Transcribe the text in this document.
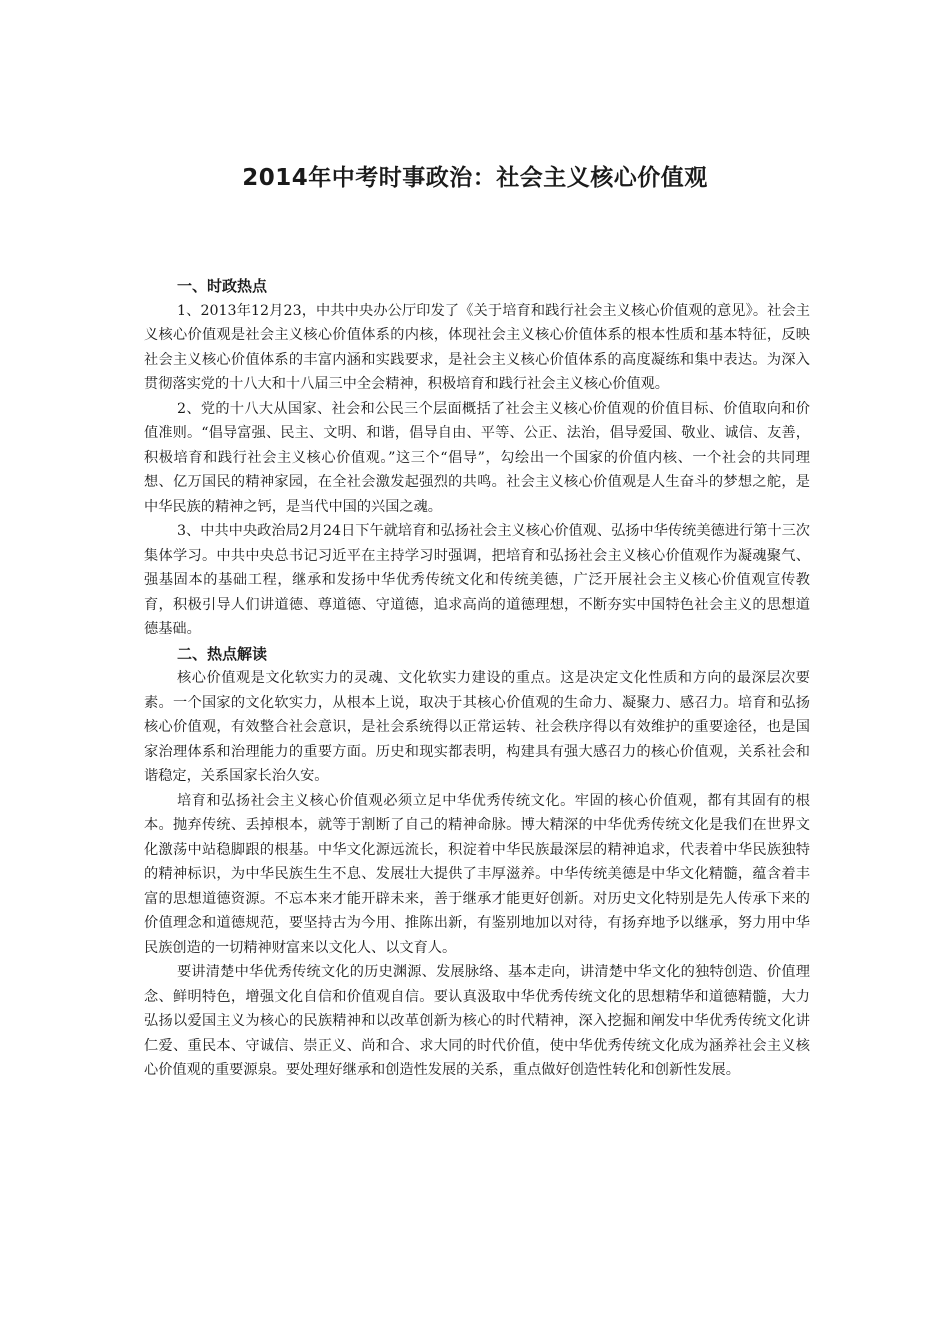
2014年中考时事政治：社会主义核心价值观

一、时政热点

1、2013年12月23，中共中央办公厅印发了《关于培育和践行社会主义核心价值观的意见》。社会主义核心价值观是社会主义核心价值体系的内核，体现社会主义核心价值体系的根本性质和基本特征，反映社会主义核心价值体系的丰富内涵和实践要求，是社会主义核心价值体系的高度凝练和集中表达。为深入贯彻落实党的十八大和十八届三中全会精神，积极培育和践行社会主义核心价值观。

2、党的十八大从国家、社会和公民三个层面概括了社会主义核心价值观的价值目标、价值取向和价值准则。“倡导富强、民主、文明、和谐，倡导自由、平等、公正、法治，倡导爱国、敬业、诚信、友善，积极培育和践行社会主义核心价值观。”这三个“倡导”，勾绘出一个国家的价值内核、一个社会的共同理想、亿万国民的精神家园，在全社会激发起强烈的共鸣。社会主义核心价值观是人生奋斗的梦想之舵，是中华民族的精神之钙，是当代中国的兴国之魂。

3、中共中央政治局2月24日下午就培育和弘扬社会主义核心价值观、弘扬中华传统美德进行第十三次集体学习。中共中央总书记习近平在主持学习时强调，把培育和弘扬社会主义核心价值观作为凝魂聚气、强基固本的基础工程，继承和发扬中华优秀传统文化和传统美德，广泛开展社会主义核心价值观宣传教育，积极引导人们讲道德、尊道德、守道德，追求高尚的道德理想，不断夯实中国特色社会主义的思想道德基础。

二、热点解读

核心价值观是文化软实力的灵魂、文化软实力建设的重点。这是决定文化性质和方向的最深层次要素。一个国家的文化软实力，从根本上说，取决于其核心价值观的生命力、凝聚力、感召力。培育和弘扬核心价值观，有效整合社会意识，是社会系统得以正常运转、社会秩序得以有效维护的重要途径，也是国家治理体系和治理能力的重要方面。历史和现实都表明，构建具有强大感召力的核心价值观，关系社会和谐稳定，关系国家长治久安。

培育和弘扬社会主义核心价值观必须立足中华优秀传统文化。牢固的核心价值观，都有其固有的根本。抛弃传统、丢掉根本，就等于割断了自己的精神命脉。博大精深的中华优秀传统文化是我们在世界文化激荡中站稳脚跟的根基。中华文化源远流长，积淀着中华民族最深层的精神追求，代表着中华民族独特的精神标识，为中华民族生生不息、发展壮大提供了丰厚滋养。中华传统美德是中华文化精髓，蕴含着丰富的思想道德资源。不忘本来才能开辟未来，善于继承才能更好创新。对历史文化特别是先人传承下来的价值理念和道德规范，要坚持古为今用、推陈出新，有鉴别地加以对待，有扬弃地予以继承，努力用中华民族创造的一切精神财富来以文化人、以文育人。

要讲清楚中华优秀传统文化的历史渊源、发展脉络、基本走向，讲清楚中华文化的独特创造、价值理念、鲜明特色，增强文化自信和价值观自信。要认真汲取中华优秀传统文化的思想精华和道德精髓，大力弘扬以爱国主义为核心的民族精神和以改革创新为核心的时代精神，深入挖掘和阐发中华优秀传统文化讲仁爱、重民本、守诚信、崇正义、尚和合、求大同的时代价值，使中华优秀传统文化成为涵养社会主义核心价值观的重要源泉。要处理好继承和创造性发展的关系，重点做好创造性转化和创新性发展。
